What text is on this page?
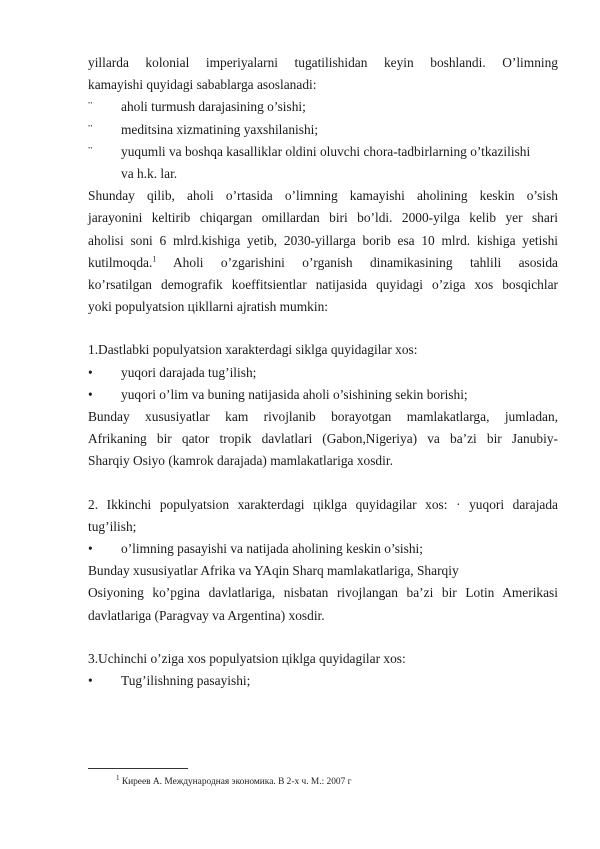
yillarda kolonial imperiyalarni tugatilishidan keyin boshlandi. O’limning
kamayishi quyidagi sabablarga asoslanadi:
¨	aholi turmush darajasining o’sishi;
¨	meditsina xizmatining yaxshilanishi;
¨	yuqumli va boshqa kasalliklar oldini oluvchi chora-tadbirlarning o’tkazilishi
va h.k. lar.
Shunday qilib, aholi o’rtasida o’limning kamayishi aholining keskin o’sish
jarayonini keltirib chiqargan omillardan biri bo’ldi. 2000-yilga kelib yer shari
aholisi soni 6 mlrd.kishiga yetib, 2030-yillarga borib esa 10 mlrd. kishiga yetishi
kutilmoqda.$^1$ Aholi o’zgarishini o’rganish dinamikasining tahlili asosida
ko’rsatilgan demografik koeffitsientlar natijasida quyidagi o’ziga xos bosqichlar
yoki populyatsion цikllarni ajratish mumkin:
1.Dastlabki populyatsion xarakterdagi siklga quyidagilar xos:
•	yuqori darajada tug’ilish;
•	yuqori o’lim va buning natijasida aholi o’sishining sekin borishi;
Bunday xususiyatlar kam rivojlanib borayotgan mamlakatlarga, jumladan,
Afrikaning bir qator tropik davlatlari (Gabon,Nigeriya) va ba’zi bir Janubiy-
Sharqiy Osiyo (kamrok darajada) mamlakatlariga xosdir.
2. Ikkinchi populyatsion xarakterdagi цiklga quyidagilar xos: · yuqori darajada
tug’ilish;
•	o’limning pasayishi va natijada aholining keskin o’sishi;
Bunday xususiyatlar Afrika va YAqin Sharq mamlakatlariga, Sharqiy
Osiyoning ko’pgina davlatlariga, nisbatan rivojlangan ba’zi bir Lotin Amerikasi
davlatlariga (Paragvay va Argentina) xosdir.
3.Uchinchi o’ziga xos populyatsion цiklga quyidagilar xos:
•	Tug’ilishning pasayishi;
$^1$ Киреев А. Международная экономика. В 2-х ч. М.: 2007 г
